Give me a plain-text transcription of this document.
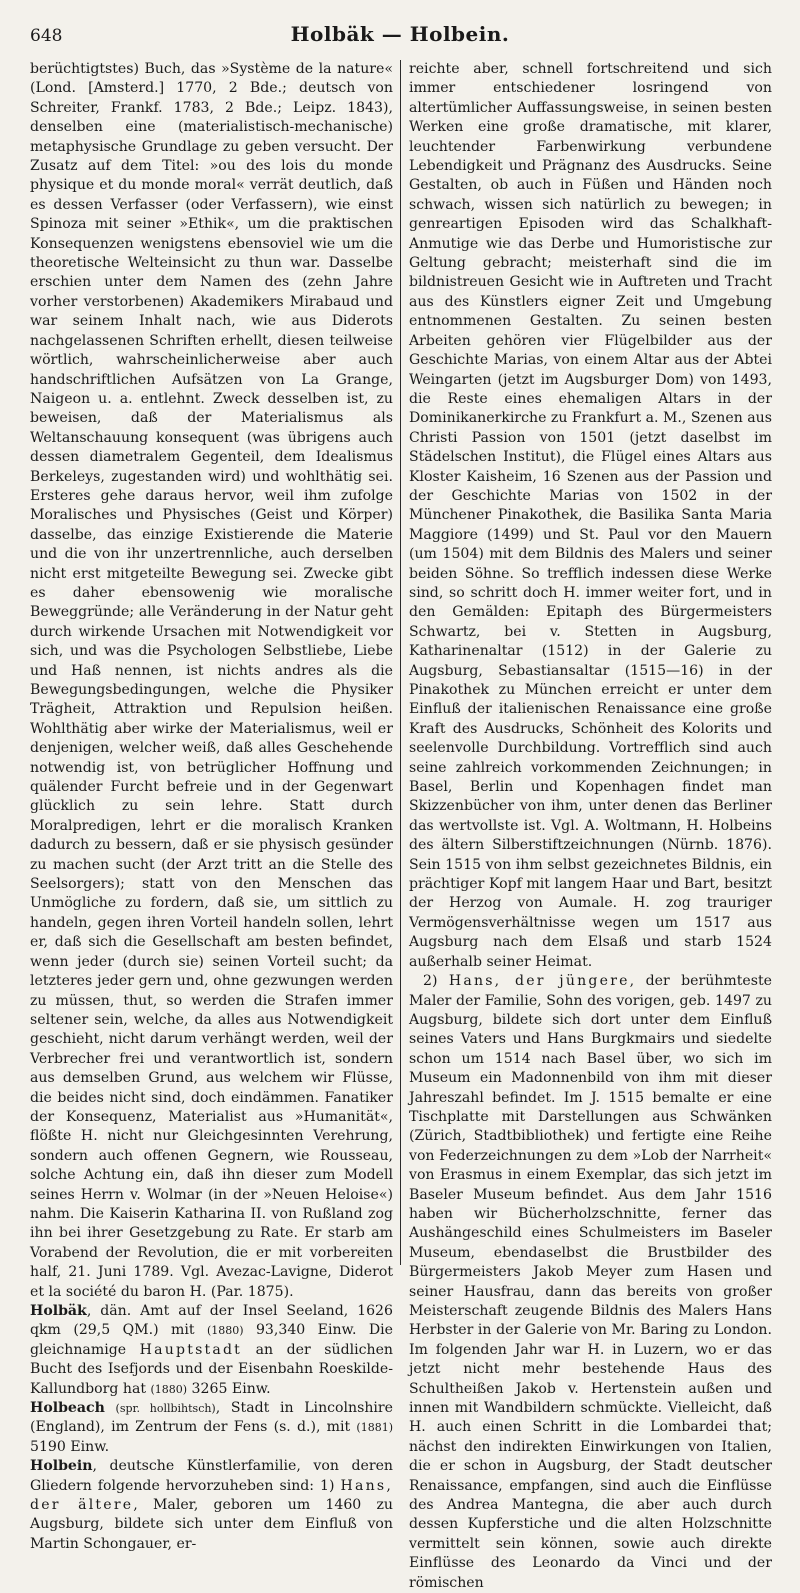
648	Holbäk — Holbein.

berüchtigtstes) Buch, das »Système de la nature« (Lond. [Amsterd.] 1770, 2 Bde.; deutsch von Schreiter, Frankf. 1783, 2 Bde.; Leipz. 1843), denselben eine (materialistisch-mechanische) metaphysische Grundlage zu geben versucht. Der Zusatz auf dem Titel: »ou des lois du monde physique et du monde moral« verrät deutlich, daß es dessen Verfasser (oder Verfassern), wie einst Spinoza mit seiner »Ethik«, um die praktischen Konsequenzen wenigstens ebensoviel wie um die theoretische Welteinsicht zu thun war. Dasselbe erschien unter dem Namen des (zehn Jahre vorher verstorbenen) Akademikers Mirabaud und war seinem Inhalt nach, wie aus Diderots nachgelassenen Schriften erhellt, diesen teilweise wörtlich, wahrscheinlicherweise aber auch handschriftlichen Aufsätzen von La Grange, Naigeon u. a. entlehnt. Zweck desselben ist, zu beweisen, daß der Materialismus als Weltanschauung konsequent (was übrigens auch dessen diametralem Gegenteil, dem Idealismus Berkeleys, zugestanden wird) und wohlthätig sei. Ersteres gehe daraus hervor, weil ihm zufolge Moralisches und Physisches (Geist und Körper) dasselbe, das einzige Existierende die Materie und die von ihr unzertrennliche, auch derselben nicht erst mitgeteilte Bewegung sei. Zwecke gibt es daher ebensowenig wie moralische Beweggründe; alle Veränderung in der Natur geht durch wirkende Ursachen mit Notwendigkeit vor sich, und was die Psychologen Selbstliebe, Liebe und Haß nennen, ist nichts andres als die Bewegungsbedingungen, welche die Physiker Trägheit, Attraktion und Repulsion heißen. Wohlthätig aber wirke der Materialismus, weil er denjenigen, welcher weiß, daß alles Geschehende notwendig ist, von betrüglicher Hoffnung und quälender Furcht befreie und in der Gegenwart glücklich zu sein lehre. Statt durch Moralpredigen, lehrt er die moralisch Kranken dadurch zu bessern, daß er sie physisch gesünder zu machen sucht (der Arzt tritt an die Stelle des Seelsorgers); statt von den Menschen das Unmögliche zu fordern, daß sie, um sittlich zu handeln, gegen ihren Vorteil handeln sollen, lehrt er, daß sich die Gesellschaft am besten befindet, wenn jeder (durch sie) seinen Vorteil sucht; da letzteres jeder gern und, ohne gezwungen werden zu müssen, thut, so werden die Strafen immer seltener sein, welche, da alles aus Notwendigkeit geschieht, nicht darum verhängt werden, weil der Verbrecher frei und verantwortlich ist, sondern aus demselben Grund, aus welchem wir Flüsse, die beides nicht sind, doch eindämmen. Fanatiker der Konsequenz, Materialist aus »Humanität«, flößte H. nicht nur Gleichgesinnten Verehrung, sondern auch offenen Gegnern, wie Rousseau, solche Achtung ein, daß ihn dieser zum Modell seines Herrn v. Wolmar (in der »Neuen Heloise«) nahm. Die Kaiserin Katharina II. von Rußland zog ihn bei ihrer Gesetzgebung zu Rate. Er starb am Vorabend der Revolution, die er mit vorbereiten half, 21. Juni 1789. Vgl. Avezac-Lavigne, Diderot et la société du baron H. (Par. 1875).

Holbäk, dän. Amt auf der Insel Seeland, 1626 qkm (29,5 QM.) mit (1880) 93,340 Einw. Die gleichnamige Hauptstadt an der südlichen Bucht des Isefjords und der Eisenbahn Roeskilde-Kallundborg hat (1880) 3265 Einw.

Holbeach (spr. hollbihtsch), Stadt in Lincolnshire (England), im Zentrum der Fens (s. d.), mit (1881) 5190 Einw.

Holbein, deutsche Künstlerfamilie, von deren Gliedern folgende hervorzuheben sind: 1) Hans, der ältere, Maler, geboren um 1460 zu Augsburg, bildete sich unter dem Einfluß von Martin Schongauer, er-

reichte aber, schnell fortschreitend und sich immer entschiedener losringend von altertümlicher Auffassungsweise, in seinen besten Werken eine große dramatische, mit klarer, leuchtender Farbenwirkung verbundene Lebendigkeit und Prägnanz des Ausdrucks. Seine Gestalten, ob auch in Füßen und Händen noch schwach, wissen sich natürlich zu bewegen; in genreartigen Episoden wird das Schalkhaft-Anmutige wie das Derbe und Humoristische zur Geltung gebracht; meisterhaft sind die im bildnistreuen Gesicht wie in Auftreten und Tracht aus des Künstlers eigner Zeit und Umgebung entnommenen Gestalten. Zu seinen besten Arbeiten gehören vier Flügelbilder aus der Geschichte Marias, von einem Altar aus der Abtei Weingarten (jetzt im Augsburger Dom) von 1493, die Reste eines ehemaligen Altars in der Dominikanerkirche zu Frankfurt a. M., Szenen aus Christi Passion von 1501 (jetzt daselbst im Städelschen Institut), die Flügel eines Altars aus Kloster Kaisheim, 16 Szenen aus der Passion und der Geschichte Marias von 1502 in der Münchener Pinakothek, die Basilika Santa Maria Maggiore (1499) und St. Paul vor den Mauern (um 1504) mit dem Bildnis des Malers und seiner beiden Söhne. So trefflich indessen diese Werke sind, so schritt doch H. immer weiter fort, und in den Gemälden: Epitaph des Bürgermeisters Schwartz, bei v. Stetten in Augsburg, Katharinenaltar (1512) in der Galerie zu Augsburg, Sebastiansaltar (1515—16) in der Pinakothek zu München erreicht er unter dem Einfluß der italienischen Renaissance eine große Kraft des Ausdrucks, Schönheit des Kolorits und seelenvolle Durchbildung. Vortrefflich sind auch seine zahlreich vorkommenden Zeichnungen; in Basel, Berlin und Kopenhagen findet man Skizzenbücher von ihm, unter denen das Berliner das wertvollste ist. Vgl. A. Woltmann, H. Holbeins des ältern Silberstiftzeichnungen (Nürnb. 1876). Sein 1515 von ihm selbst gezeichnetes Bildnis, ein prächtiger Kopf mit langem Haar und Bart, besitzt der Herzog von Aumale. H. zog trauriger Vermögensverhältnisse wegen um 1517 aus Augsburg nach dem Elsaß und starb 1524 außerhalb seiner Heimat.

2) Hans, der jüngere, der berühmteste Maler der Familie, Sohn des vorigen, geb. 1497 zu Augsburg, bildete sich dort unter dem Einfluß seines Vaters und Hans Burgkmairs und siedelte schon um 1514 nach Basel über, wo sich im Museum ein Madonnenbild von ihm mit dieser Jahreszahl befindet. Im J. 1515 bemalte er eine Tischplatte mit Darstellungen aus Schwänken (Zürich, Stadtbibliothek) und fertigte eine Reihe von Federzeichnungen zu dem »Lob der Narrheit« von Erasmus in einem Exemplar, das sich jetzt im Baseler Museum befindet. Aus dem Jahr 1516 haben wir Bücherholzschnitte, ferner das Aushängeschild eines Schulmeisters im Baseler Museum, ebendaselbst die Brustbilder des Bürgermeisters Jakob Meyer zum Hasen und seiner Hausfrau, dann das bereits von großer Meisterschaft zeugende Bildnis des Malers Hans Herbster in der Galerie von Mr. Baring zu London. Im folgenden Jahr war H. in Luzern, wo er das jetzt nicht mehr bestehende Haus des Schultheißen Jakob v. Hertenstein außen und innen mit Wandbildern schmückte. Vielleicht, daß H. auch einen Schritt in die Lombardei that; nächst den indirekten Einwirkungen von Italien, die er schon in Augsburg, der Stadt deutscher Renaissance, empfangen, sind auch die Einflüsse des Andrea Mantegna, die aber auch durch dessen Kupferstiche und die alten Holzschnitte vermittelt sein können, sowie auch direkte Einflüsse des Leonardo da Vinci und der römischen
